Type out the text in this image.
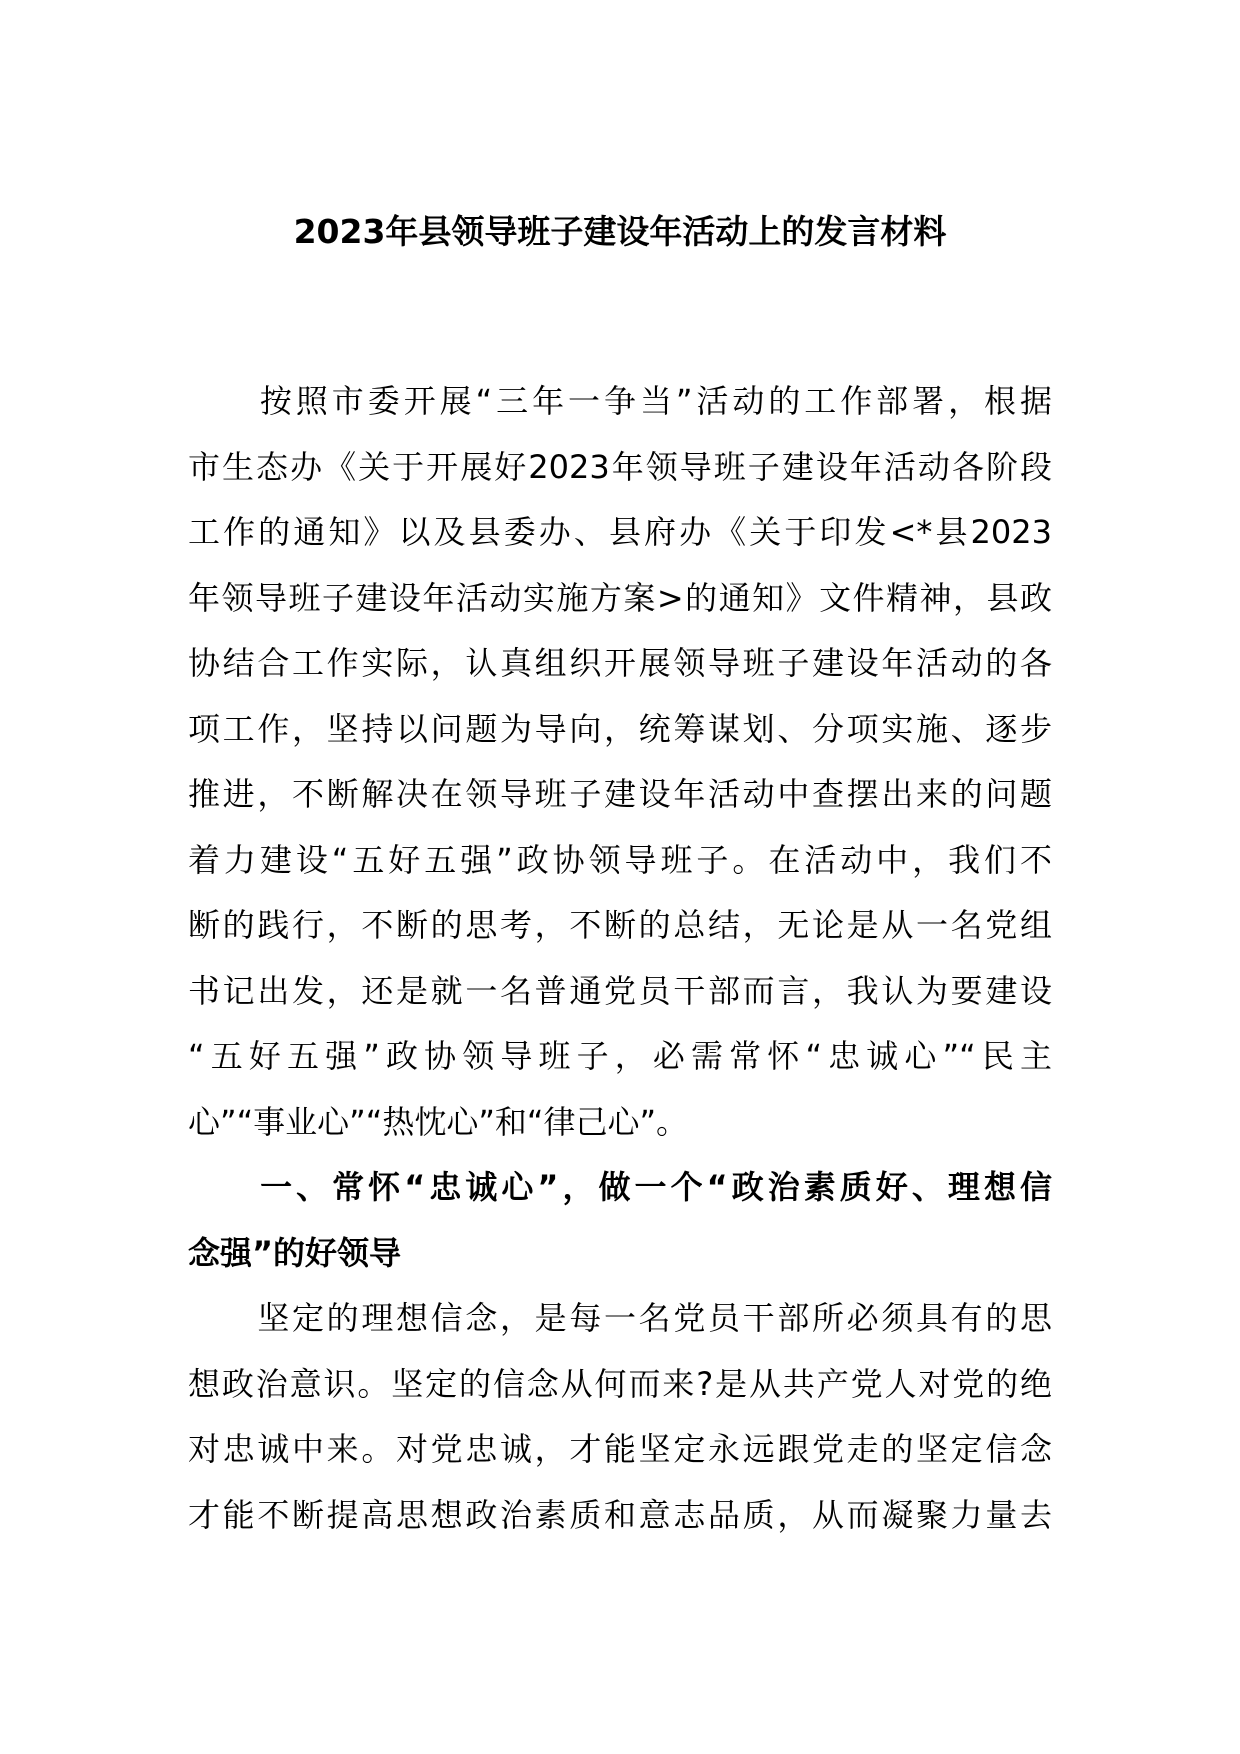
2023年县领导班子建设年活动上的发言材料
　　按照市委开展“三年一争当”活动的工作部署，根据
市生态办《关于开展好2023年领导班子建设年活动各阶段
工作的通知》以及县委办、县府办《关于印发<*县2023
年领导班子建设年活动实施方案>的通知》文件精神，县政
协结合工作实际，认真组织开展领导班子建设年活动的各
项工作，坚持以问题为导向，统筹谋划、分项实施、逐步
推进，不断解决在领导班子建设年活动中查摆出来的问题
着力建设“五好五强”政协领导班子。在活动中，我们不
断的践行，不断的思考，不断的总结，无论是从一名党组
书记出发，还是就一名普通党员干部而言，我认为要建设
“五好五强”政协领导班子，必需常怀“忠诚心”“民主
心”“事业心”“热忱心”和“律己心”。
　　一、常怀“忠诚心”，做一个“政治素质好、理想信
念强”的好领导
　　坚定的理想信念，是每一名党员干部所必须具有的思
想政治意识。坚定的信念从何而来?是从共产党人对党的绝
对忠诚中来。对党忠诚，才能坚定永远跟党走的坚定信念
才能不断提高思想政治素质和意志品质，从而凝聚力量去
